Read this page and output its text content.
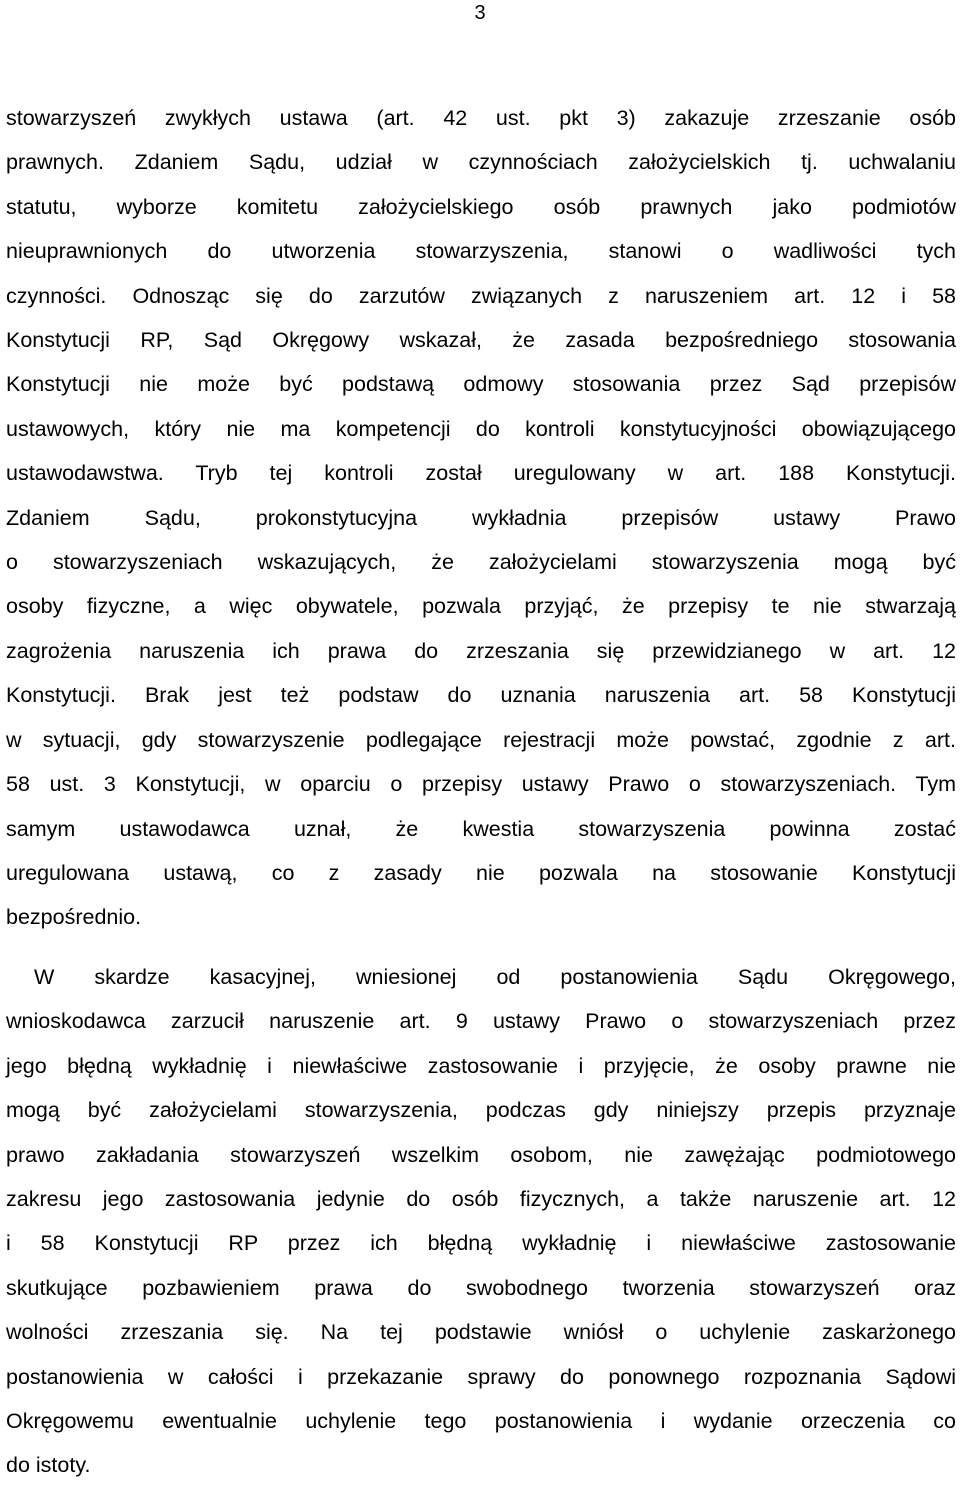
3
stowarzyszeń zwykłych ustawa (art. 42 ust. pkt 3) zakazuje zrzeszanie osób
prawnych. Zdaniem Sądu, udział w czynnościach założycielskich tj. uchwalaniu
statutu, wyborze komitetu założycielskiego osób prawnych jako podmiotów
nieuprawnionych do utworzenia stowarzyszenia, stanowi o wadliwości tych
czynności. Odnosząc się do zarzutów związanych z naruszeniem art. 12 i 58
Konstytucji RP, Sąd Okręgowy wskazał, że zasada bezpośredniego stosowania
Konstytucji nie może być podstawą odmowy stosowania przez Sąd przepisów
ustawowych, który nie ma kompetencji do kontroli konstytucyjności obowiązującego
ustawodawstwa. Tryb tej kontroli został uregulowany w art. 188 Konstytucji.
Zdaniem Sądu, prokonstytucyjna wykładnia przepisów ustawy Prawo
o stowarzyszeniach wskazujących, że założycielami stowarzyszenia mogą być
osoby fizyczne, a więc obywatele, pozwala przyjąć, że przepisy te nie stwarzają
zagrożenia naruszenia ich prawa do zrzeszania się przewidzianego w art. 12
Konstytucji. Brak jest też podstaw do uznania naruszenia art. 58 Konstytucji
w sytuacji, gdy stowarzyszenie podlegające rejestracji może powstać, zgodnie z art.
58 ust. 3 Konstytucji, w oparciu o przepisy ustawy Prawo o stowarzyszeniach. Tym
samym ustawodawca uznał, że kwestia stowarzyszenia powinna zostać
uregulowana ustawą, co z zasady nie pozwala na stosowanie Konstytucji
bezpośrednio.
W skardze kasacyjnej, wniesionej od postanowienia Sądu Okręgowego,
wnioskodawca zarzucił naruszenie art. 9 ustawy Prawo o stowarzyszeniach przez
jego błędną wykładnię i niewłaściwe zastosowanie i przyjęcie, że osoby prawne nie
mogą być założycielami stowarzyszenia, podczas gdy niniejszy przepis przyznaje
prawo zakładania stowarzyszeń wszelkim osobom, nie zawężając podmiotowego
zakresu jego zastosowania jedynie do osób fizycznych, a także naruszenie art. 12
i 58 Konstytucji RP przez ich błędną wykładnię i niewłaściwe zastosowanie
skutkujące pozbawieniem prawa do swobodnego tworzenia stowarzyszeń oraz
wolności zrzeszania się. Na tej podstawie wniósł o uchylenie zaskarżonego
postanowienia w całości i przekazanie sprawy do ponownego rozpoznania Sądowi
Okręgowemu ewentualnie uchylenie tego postanowienia i wydanie orzeczenia co
do istoty.
